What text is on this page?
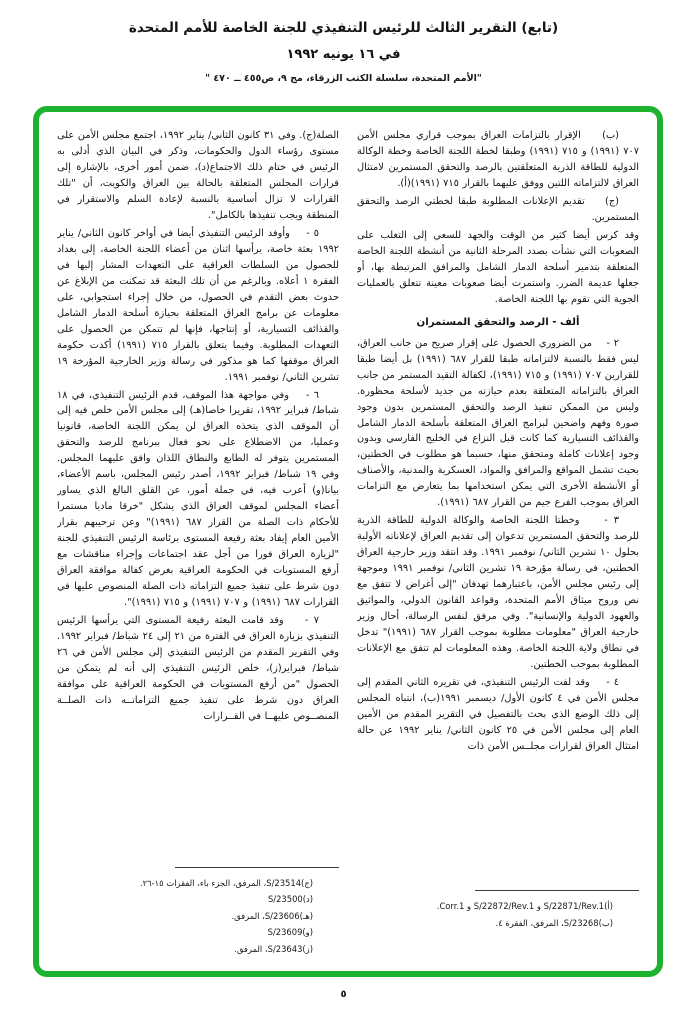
(تابع) التقرير الثالث للرئيس التنفيذي للجنة الخاصة للأمم المتحدة
في ١٦ يونيه ١٩٩٢
"الأمم المتحدة، سلسلة الكتب الزرقاء، مج ٩، ص٤٥٥ ــ ٤٧٠ "

(ب)    الإقرار بالتزامات العراق بموجب قراري مجلس الأمن ٧٠٧ (١٩٩١) و ٧١٥ (١٩٩١) وطبقا لخطة اللجنة الخاصة وخطة الوكالة الدولية للطاقة الذرية المتعلقتين بالرصد والتحقق المستمرين لامتثال العراق لالتزاماته اللتين ووفق عليهما بالقرار ٧١٥ (١٩٩١)(أ).

(ج)    تقديم الإعلانات المطلوبة طبقا لخطتي الرصد والتحقق المستمرين.

وقد كرس أيضا كثير من الوقت والجهد للسعي إلى التغلب على الصعوبات التي نشأت بصدد المرحلة الثانية من أنشطة اللجنة الخاصة المتعلقة بتدمير أسلحة الدمار الشامل والمرافق المرتبطة بها، أو جعلها عديمة الضرر. واستمرت أيضا صعوبات معينة تتعلق بالعمليات الجوية التي تقوم بها اللجنة الخاصة.

ألف - الرصد والتحقق المستمران

٢ -    من الضروري الحصول على إقرار صريح من جانب العراق، ليس فقط بالنسبة لالتزاماته طبقا للقرار ٦٨٧ (١٩٩١) بل أيضا طبقا للقرارين ٧٠٧ (١٩٩١) و ٧١٥ (١٩٩١)، لكفالة التقيد المستمر من جانب العراق بالتزاماته المتعلقة بعدم حيازته من جديد لأسلحة محظورة. وليس من الممكن تنفيذ الرصد والتحقق المستمرين بدون وجود صورة وفهم واضحين لبرامج العراق المتعلقة بأسلحة الدمار الشامل والقذائف التسيارية كما كانت قبل النزاع في الخليج الفارسي وبدون وجود إعلانات كاملة ومتحقق منها، حسبما هو مطلوب في الخطتين، بحيث تشمل المواقع والمرافق والمواد، العسكرية والمدنية، والأصناف أو الأنشطة الأخرى التي يمكن استخدامها بما يتعارض مع التزامات العراق بموجب الفرع جيم من القرار ٦٨٧ (١٩٩١).

٣ -    وخطتا اللجنة الخاصة والوكالة الدولية للطاقة الذرية للرصد والتحقق المستمرين تدعوان إلى تقديم العراق لإعلاناته الأولية بحلول ١٠ تشرين الثاني/ نوفمبر ١٩٩١. وقد انتقد وزير خارجية العراق الخطتين، في رسالة مؤرخة ١٩ تشرين الثاني/ نوفمبر ١٩٩١ وموجهة إلى رئيس مجلس الأمن، باعتبارهما تهدفان "إلى أغراض لا تتفق مع نص وروح ميثاق الأمم المتحدة، وقواعد القانون الدولي، والمواثيق والعهود الدولية والإنسانية". وفي مرفق لنفس الرسالة، أحال وزير خارجية العراق "معلومات مطلوبة بموجب القرار ٦٨٧ (١٩٩١)" تدخل في نطاق ولاية اللجنة الخاصة. وهذه المعلومات لم تتفق مع الإعلانات المطلوبة بموجب الخطتين.

٤ -    وقد لفت الرئيس التنفيذي، في تقريره الثاني المقدم إلى مجلس الأمن في ٤ كانون الأول/ ديسمبر ١٩٩١(ب)، انتباه المجلس إلى ذلك الوضع الذي بحث بالتفصيل في التقرير المقدم من الأمين العام إلى مجلس الأمن في ٢٥ كانون الثاني/ يناير ١٩٩٢ عن حالة امتثال العراق لقرارات مجلــس الأمن ذات

(أ)
S/22871/Rev.1 و S/22872/Rev.1 و Corr.1.
(ب)
S/23268، المرفق، الفقرة ٤.

الصلة(ج). وفي ٣١ كانون الثاني/ يناير ١٩٩٢، اجتمع مجلس الأمن على مستوى رؤساء الدول والحكومات، وذكر في البيان الذي أدلى به الرئيس في ختام ذلك الاجتماع(د)، ضمن أمور أخرى، بالإشارة إلى قرارات المجلس المتعلقة بالحالة بين العراق والكويت، أن "تلك القرارات لا تزال أساسية بالنسبة لإعادة السلم والاستقرار في المنطقة ويجب تنفيذها بالكامل".

٥ -    وأوفد الرئيس التنفيذي أيضا في أواخر كانون الثاني/ يناير ١٩٩٢ بعثة خاصة، يرأسها اثنان من أعضاء اللجنة الخاصة، إلى بغداد للحصول من السلطات العراقية على التعهدات المشار إليها في الفقرة ١ أعلاه. وبالرغم من أن تلك البعثة قد تمكنت من الإبلاغ عن حدوث بعض التقدم في الحصول، من خلال إجراء استجوابي، على معلومات عن برامج العراق المتعلقة بحيازة أسلحة الدمار الشامل والقذائف التسيارية، أو إنتاجها، فإنها لم تتمكن من الحصول على التعهدات المطلوبة. وفيما يتعلق بالقرار ٧١٥ (١٩٩١) أكدت حكومة العراق موقفها كما هو مذكور في رسالة وزير الخارجية المؤرخة ١٩ تشرين الثاني/ نوفمبر ١٩٩١.

٦ -    وفي مواجهة هذا الموقف، قدم الرئيس التنفيذي، في ١٨ شباط/ فبراير ١٩٩٢، تقريرا خاصا(هـ) إلى مجلس الأمن خلص فيه إلى أن الموقف الذي يتخذه العراق لن يمكن اللجنة الخاصة، قانونيا وعمليا، من الاضطلاع على نحو فعال ببرنامج للرصد والتحقق المستمرين يتوفر له الطابع والنطاق اللذان وافق عليهما المجلس. وفي ١٩ شباط/ فبراير ١٩٩٢، أصدر رئيس المجلس، باسم الأعضاء، بيانا(و) أعرب فيه، في جملة أمور، عن القلق البالغ الذي يساور أعضاء المجلس لموقف العراق الذي يشكل "خرقا ماديا مستمرا للأحكام ذات الصلة من القرار ٦٨٧ (١٩٩١)" وعن ترحيبهم بقرار الأمين العام إيفاد بعثة رفيعة المستوى برئاسة الرئيس التنفيذي للجنة "لزيارة العراق فورا من أجل عقد اجتماعات وإجراء مناقشات مع أرفع المستويات في الحكومة العراقية بغرض كفالة موافقة العراق دون شرط على تنفيذ جميع التزاماته ذات الصلة المنصوص عليها في القرارات ٦٨٧ (١٩٩١) و ٧٠٧ (١٩٩١) و ٧١٥ (١٩٩١)".

٧ -    وقد قامت البعثة رفيعة المستوى التي يرأسها الرئيس التنفيذي بزيارة العراق في الفترة من ٢١ إلى ٢٤ شباط/ فبراير ١٩٩٢. وفي التقرير المقدم من الرئيس التنفيذي إلى مجلس الأمن في ٢٦ شباط/ فبراير(ز)، خلص الرئيس التنفيذي إلى أنه لم يتمكن من الحصول "من أرفع المستويات في الحكومة العراقية على موافقة العراق دون شرط على تنفيذ جميع التزاماتــه ذات الصلــة المنصــوص عليهــا في القــرارات

(ج)
S/23514، المرفق، الجزء باء، الفقرات ١٥-٢٦.
(د)
S/23500
(هـ)
S/23606، المرفق.
(و)
S/23609
(ز)
S/23643، المرفق.
٥
